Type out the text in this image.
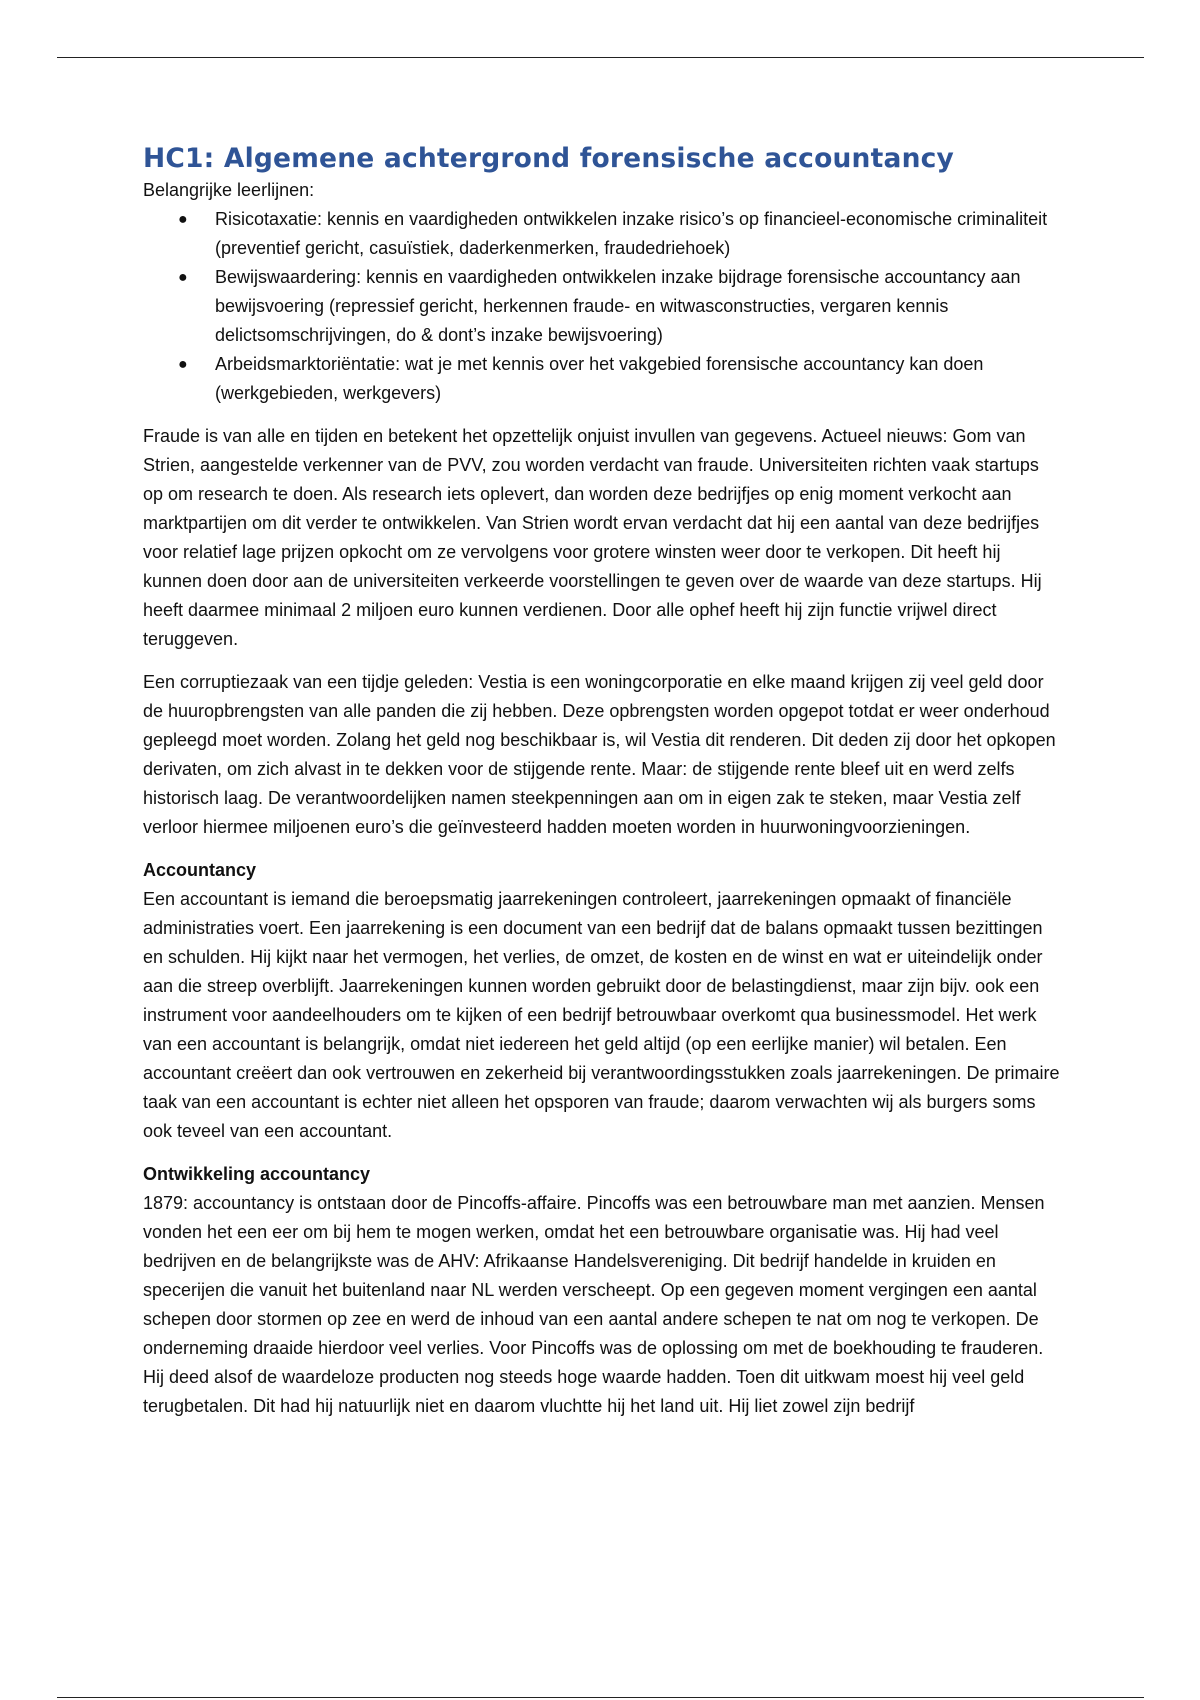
HC1: Algemene achtergrond forensische accountancy

Belangrijke leerlijnen:

● Risicotaxatie: kennis en vaardigheden ontwikkelen inzake risico’s op financieel-economische criminaliteit (preventief gericht, casuïstiek, daderkenmerken, fraudedriehoek)
● Bewijswaardering: kennis en vaardigheden ontwikkelen inzake bijdrage forensische accountancy aan bewijsvoering (repressief gericht, herkennen fraude- en witwasconstructies, vergaren kennis delictsomschrijvingen, do & dont’s inzake bewijsvoering)
● Arbeidsmarktoriëntatie: wat je met kennis over het vakgebied forensische accountancy kan doen (werkgebieden, werkgevers)

Fraude is van alle en tijden en betekent het opzettelijk onjuist invullen van gegevens. Actueel nieuws: Gom van Strien, aangestelde verkenner van de PVV, zou worden verdacht van fraude. Universiteiten richten vaak startups op om research te doen. Als research iets oplevert, dan worden deze bedrijfjes op enig moment verkocht aan marktpartijen om dit verder te ontwikkelen. Van Strien wordt ervan verdacht dat hij een aantal van deze bedrijfjes voor relatief lage prijzen opkocht om ze vervolgens voor grotere winsten weer door te verkopen. Dit heeft hij kunnen doen door aan de universiteiten verkeerde voorstellingen te geven over de waarde van deze startups. Hij heeft daarmee minimaal 2 miljoen euro kunnen verdienen. Door alle ophef heeft hij zijn functie vrijwel direct teruggeven.

Een corruptiezaak van een tijdje geleden: Vestia is een woningcorporatie en elke maand krijgen zij veel geld door de huuropbrengsten van alle panden die zij hebben. Deze opbrengsten worden opgepot totdat er weer onderhoud gepleegd moet worden. Zolang het geld nog beschikbaar is, wil Vestia dit renderen. Dit deden zij door het opkopen derivaten, om zich alvast in te dekken voor de stijgende rente. Maar: de stijgende rente bleef uit en werd zelfs historisch laag. De verantwoordelijken namen steekpenningen aan om in eigen zak te steken, maar Vestia zelf verloor hiermee miljoenen euro’s die geïnvesteerd hadden moeten worden in huurwoningvoorzieningen.

Accountancy

Een accountant is iemand die beroepsmatig jaarrekeningen controleert, jaarrekeningen opmaakt of financiële administraties voert. Een jaarrekening is een document van een bedrijf dat de balans opmaakt tussen bezittingen en schulden. Hij kijkt naar het vermogen, het verlies, de omzet, de kosten en de winst en wat er uiteindelijk onder aan die streep overblijft. Jaarrekeningen kunnen worden gebruikt door de belastingdienst, maar zijn bijv. ook een instrument voor aandeelhouders om te kijken of een bedrijf betrouwbaar overkomt qua businessmodel. Het werk van een accountant is belangrijk, omdat niet iedereen het geld altijd (op een eerlijke manier) wil betalen. Een accountant creëert dan ook vertrouwen en zekerheid bij verantwoordingsstukken zoals jaarrekeningen. De primaire taak van een accountant is echter niet alleen het opsporen van fraude; daarom verwachten wij als burgers soms ook teveel van een accountant.

Ontwikkeling accountancy

1879: accountancy is ontstaan door de Pincoffs-affaire. Pincoffs was een betrouwbare man met aanzien. Mensen vonden het een eer om bij hem te mogen werken, omdat het een betrouwbare organisatie was. Hij had veel bedrijven en de belangrijkste was de AHV: Afrikaanse Handelsvereniging. Dit bedrijf handelde in kruiden en specerijen die vanuit het buitenland naar NL werden verscheept. Op een gegeven moment vergingen een aantal schepen door stormen op zee en werd de inhoud van een aantal andere schepen te nat om nog te verkopen. De onderneming draaide hierdoor veel verlies. Voor Pincoffs was de oplossing om met de boekhouding te frauderen. Hij deed alsof de waardeloze producten nog steeds hoge waarde hadden. Toen dit uitkwam moest hij veel geld terugbetalen. Dit had hij natuurlijk niet en daarom vluchtte hij het land uit. Hij liet zowel zijn bedrijf
